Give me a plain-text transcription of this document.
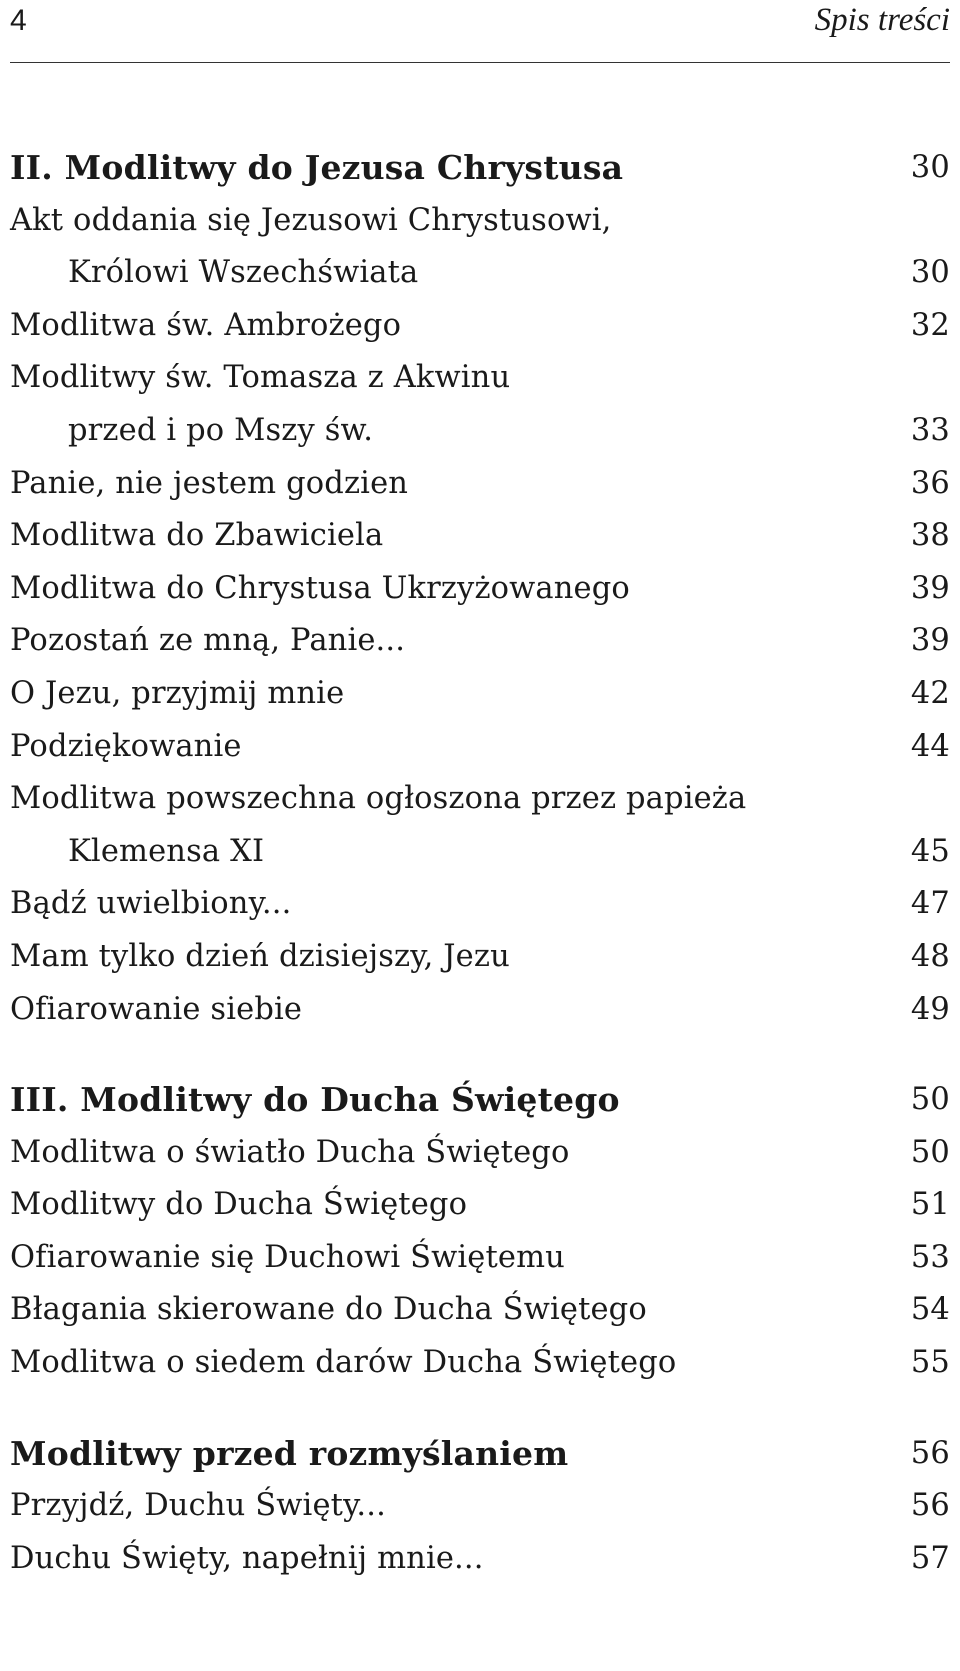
4	Spis treści
II. Modlitwy do Jezusa Chrystusa	30
Akt oddania się Jezusowi Chrystusowi,
Królowi Wszechświata	30
Modlitwa św. Ambrożego	32
Modlitwy św. Tomasza z Akwinu
przed i po Mszy św.	33
Panie, nie jestem godzien	36
Modlitwa do Zbawiciela	38
Modlitwa do Chrystusa Ukrzyżowanego	39
Pozostań ze mną, Panie...	39
O Jezu, przyjmij mnie	42
Podziękowanie	44
Modlitwa powszechna ogłoszona przez papieża
Klemensa XI	45
Bądź uwielbiony...	47
Mam tylko dzień dzisiejszy, Jezu	48
Ofiarowanie siebie	49
III. Modlitwy do Ducha Świętego	50
Modlitwa o światło Ducha Świętego	50
Modlitwy do Ducha Świętego	51
Ofiarowanie się Duchowi Świętemu	53
Błagania skierowane do Ducha Świętego	54
Modlitwa o siedem darów Ducha Świętego	55
Modlitwy przed rozmyślaniem	56
Przyjdź, Duchu Święty...	56
Duchu Święty, napełnij mnie...	57
